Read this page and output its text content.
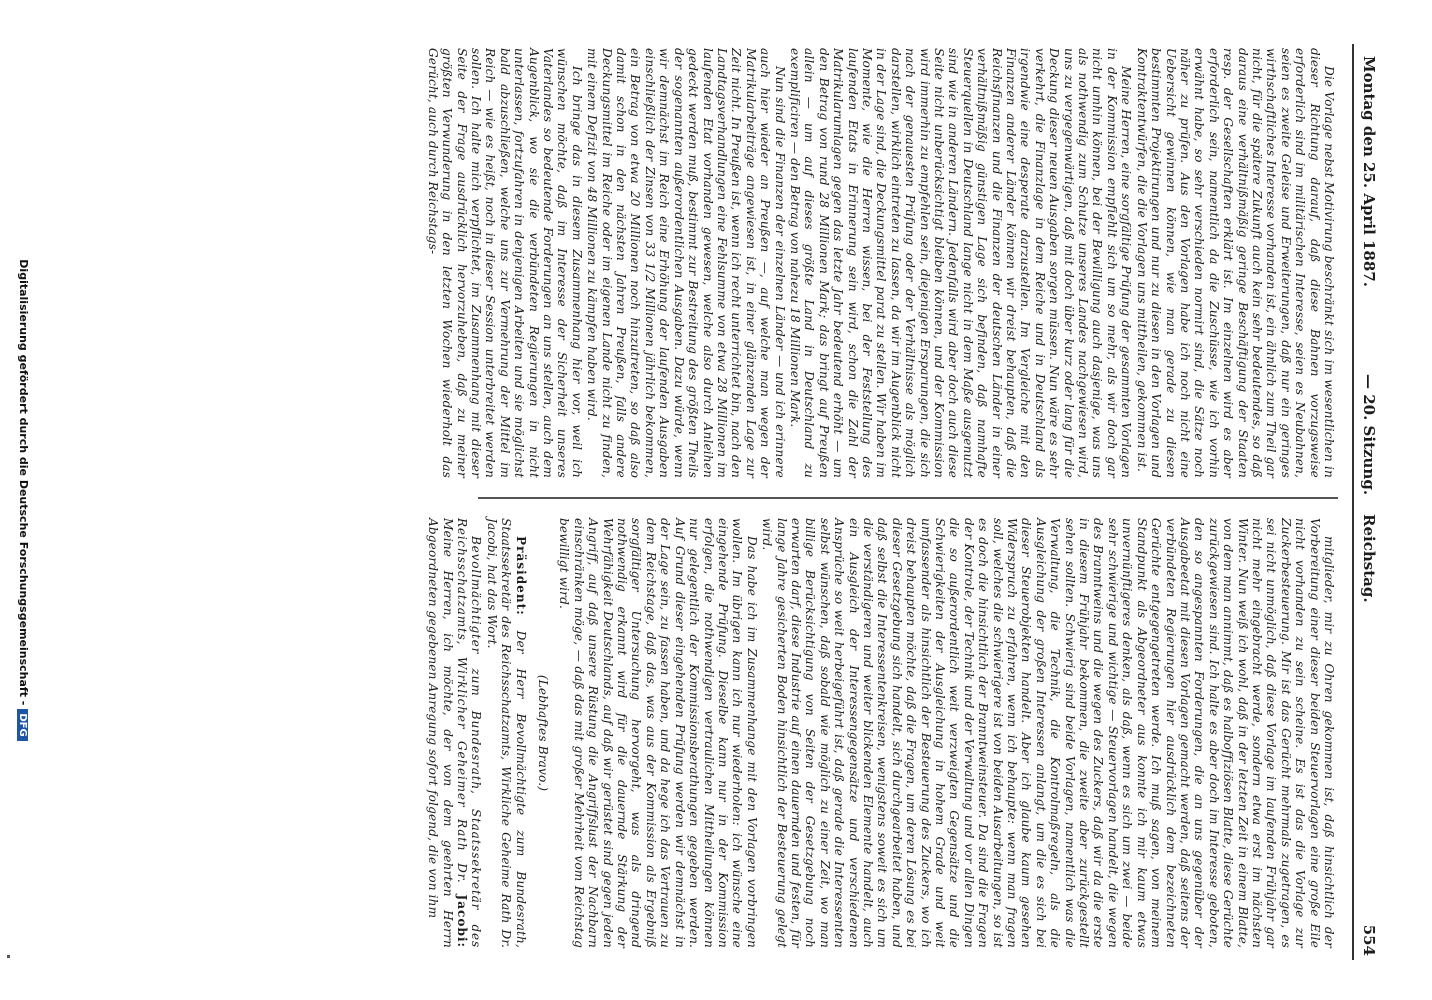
Montag den 25. April 1887.
— 20. Sitzung.
Reichstag.
554

Die Vorlage nebst Motivirung beschränkt sich im wesentlichen in dieser Richtung darauf, daß diese Bahnen vorzugsweise erforderlich sind im militärischen Interesse, seien es Neubahnen, seien es zweite Geleise und Erweiterungen, daß nur ein geringes wirthschaftliches Interesse vorhanden ist, ein ähnlich zum Theil gar nicht, für die spätere Zukunft auch kein sehr bedeutendes, so daß daraus eine verhältnißmäßig geringe Beschäftigung der Staaten resp. der Gesellschaften erklärt ist. Im einzelnen wird es aber erforderlich sein, namentlich da die Zuschüsse, wie ich vorhin erwähnt habe, so sehr verschieden normirt sind, die Sätze noch näher zu prüfen. Aus den Vorlagen habe ich noch nicht eine Uebersicht gewinnen können, wie man gerade zu diesen bestimmten Projektirungen und nur zu diesen in den Vorlagen und Kontraktentwürfen, die die Vorlagen uns mittheilen, gekommen ist.

Meine Herren, eine sorgfältige Prüfung der gesammten Vorlagen in der Kommission empfiehlt sich um so mehr, als wir doch gar nicht umhin können, bei der Bewilligung auch dasjenige, was uns als nothwendig zum Schutze unseres Landes nachgewiesen wird, uns zu vergegenwärtigen, daß mit doch über kurz oder lang für die Deckung dieser neuen Ausgaben sorgen müssen. Nun wäre es sehr verkehrt, die Finanzlage in dem Reiche und in Deutschland als irgendwie eine desperate darzustellen. Im Vergleiche mit den Finanzen anderer Länder können wir dreist behaupten, daß die Reichsfinanzen und die Finanzen der deutschen Länder in einer verhältnißmäßig günstigen Lage sich befinden, daß namhafte Steuerquellen in Deutschland lange nicht in dem Maße ausgenutzt sind wie in anderen Ländern. Jedenfalls wird aber doch auch diese Seite nicht unberücksichtigt bleiben können, und der Kommission wird immerhin zu empfehlen sein, diejenigen Ersparungen, die sich nach der genauesten Prüfung oder der Verhältnisse als möglich darstellen, wirklich eintreten zu lassen, da wir im Augenblick nicht in der Lage sind, die Deckungsmittel parat zu stellen. Wir haben im Momente, wie die Herren wissen, bei der Feststellung des laufenden Etats in Erinnerung sein wird, schon die Zahl der Matrikularumlagen gegen das letzte Jahr bedeutend erhöht — um den Betrag von rund 28 Millionen Mark; das bringt auf Preußen allein — um auf dieses größte Land in Deutschland zu exemplificiren — den Betrag von nahezu 18 Millionen Mark.

Nun sind die Finanzen der einzelnen Länder — und ich erinnere auch hier wieder an Preußen —, auf welche man wegen der Matrikularbeiträge angewiesen ist, in einer glänzenden Lage zur Zeit nicht. In Preußen ist, wenn ich recht unterrichtet bin, nach den Landtagsverhandlungen eine Fehlsumme von etwa 28 Millionen im laufenden Etat vorhanden gewesen, welche also durch Anleihen gedeckt werden muß, bestimmt zur Bestreitung des größten Theils der sogenannten außerordentlichen Ausgaben. Dazu würde, wenn wir demnächst im Reich eine Erhöhung der laufenden Ausgaben einschließlich der Zinsen von 33 1/2 Millionen jährlich bekommen, ein Betrag von etwa 20 Millionen noch hinzutreten, so daß also damit schon in den nächsten Jahren Preußen, falls andere Deckungsmittel im Reiche oder im eigenen Lande nicht zu finden, mit einem Defizit von 48 Millionen zu kämpfen haben wird.

Ich bringe das in diesem Zusammenhang hier vor, weil ich wünschen möchte, daß im Interesse der Sicherheit unseres Vaterlandes so bedeutende Forderungen an uns stellen, auch dem Augenblick, wo sie die verbündeten Regierungen in nicht unterlassen, fortzufahren in denjenigen Arbeiten und sie möglichst bald abzuschließen, welche uns zur Vermehrung der Mittel im Reich — wie es heißt, noch in dieser Session unterbreitet werden sollen. Ich halte mich verpflichtet, im Zusammenhang mit dieser Seite der Frage ausdrücklich hervorzuheben, daß zu meiner größten Verwunderung in den letzten Wochen wiederholt das Gerücht, auch durch Reichstags-

mitglieder, mir zu Ohren gekommen ist, daß hinsichtlich der Vorbereitung einer dieser beiden Steuervorlagen eine große Eile nicht vorhanden zu sein scheine. Es ist das die Vorlage zur Zuckerbesteuerung. Mir ist das Gerücht mehrmals zugetragen, es sei nicht unmöglich, daß diese Vorlage im laufenden Frühjahr gar nicht mehr eingebracht werde, sondern etwa erst im nächsten Winter. Nun weiß ich wohl, daß in der letzten Zeit in einem Blatte, von dem man annimmt, daß es halboffiziösen Blatte, diese Gerüchte zurückgewiesen sind. Ich halte es aber doch im Interesse geboten, den so angespannten Forderungen, die an uns gegenüber der Ausgabeetat mit diesen Vorlagen gemacht werden, daß seitens der verbündeten Regierungen hier ausdrücklich dem bezeichneten Gerüchte entgegengetreten werde. Ich muß sagen, von meinem Standpunkt als Abgeordneter aus konnte ich mir kaum etwas unvernünftigeres denken, als daß, wenn es sich um zwei — beide sehr schwierige und wichtige — Steuervorlagen handelt, die wegen des Branntweins und die wegen des Zuckers, daß wir da die erste in diesem Frühjahr bekommen, die zweite aber zurückgestellt sehen sollten. Schwierig sind beide Vorlagen, namentlich was die Verwaltung, die Technik, die Kontrolmaßregeln, als die Ausgleichung der großen Interessen anlangt, um die es sich bei dieser Steuerobjekten handelt. Aber ich glaube kaum gesehen Widerspruch zu erfahren, wenn ich behaupte: wenn man fragen soll, welches die schwierigere ist von beiden Ausarbeitungen, so ist es doch die hinsichtlich der Branntweinsteuer. Da sind die Fragen der Kontrole, der Technik und der Verwaltung und vor allen Dingen die so außerordentlich weit verzweigten Gegensätze und die Schwierigkeiten der Ausgleichung in hohem Grade und weit umfassender als hinsichtlich der Besteuerung des Zuckers, wo ich dreist behaupten möchte, daß die Fragen, um deren Lösung es bei dieser Gesetzgebung sich handelt, sich durchgearbeitet haben, und daß selbst die Interessentenkreisen, wenigstens soweit es sich um die verständigeren und weiter blickenden Elemente handelt, auch ein Ausgleich der Interessengegensätze und verschiedenen Ansprüche so weit herbeigeführt ist, daß gerade die Interessenten selbst wünschen, daß sobald wie möglich zu einer Zeit, wo man billige Berücksichtigung von Seiten der Gesetzgebung noch erwarten darf, diese Industrie auf einen dauernden und festen, für lange Jahre gesicherten Boden hinsichtlich der Besteuerung gelegt wird.

Das habe ich im Zusammenhange mit den Vorlagen vorbringen wollen. Im übrigen kann ich nur wiederholen: ich wünsche eine eingehende Prüfung. Dieselbe kann nur in der Kommission erfolgen, die nothwendigen vertraulichen Mittheilungen können nur gelegentlich der Kommissionsberathungen gegeben werden. Auf Grund dieser eingehenden Prüfung werden wir demnächst in der Lage sein, zu fassen haben, und da hege ich das Vertrauen zu dem Reichstage, daß das, was aus der Kommission als Ergebniß sorgfältiger Untersuchung hervorgeht, was als dringend nothwendig erkannt wird für die dauernde Stärkung der Wehrfähigkeit Deutschlands, auf daß wir gerüstet sind gegen jeden Angriff, auf daß unsere Rüstung die Angriffslust der Nachbarn einschränken möge, — daß das mit großer Mehrheit vom Reichstag bewilligt wird.

(Lebhaftes Bravo.)

Präsident: Der Herr Bevollmächtigte zum Bundesrath, Staatssekretär des Reichsschatzamts, Wirkliche Geheime Rath Dr. Jacobi, hat das Wort.

Bevollmächtigter zum Bundesrath, Staatssekretär des Reichsschatzamts, Wirklicher Geheimer Rath Dr. Jacobi: Meine Herren, ich möchte, der von dem geehrten Herrn Abgeordneten gegebenen Anregung sofort folgend, die von ihm

Digitalisierung gefördert durch die Deutsche Forschungsgemeinschaft -DFG
